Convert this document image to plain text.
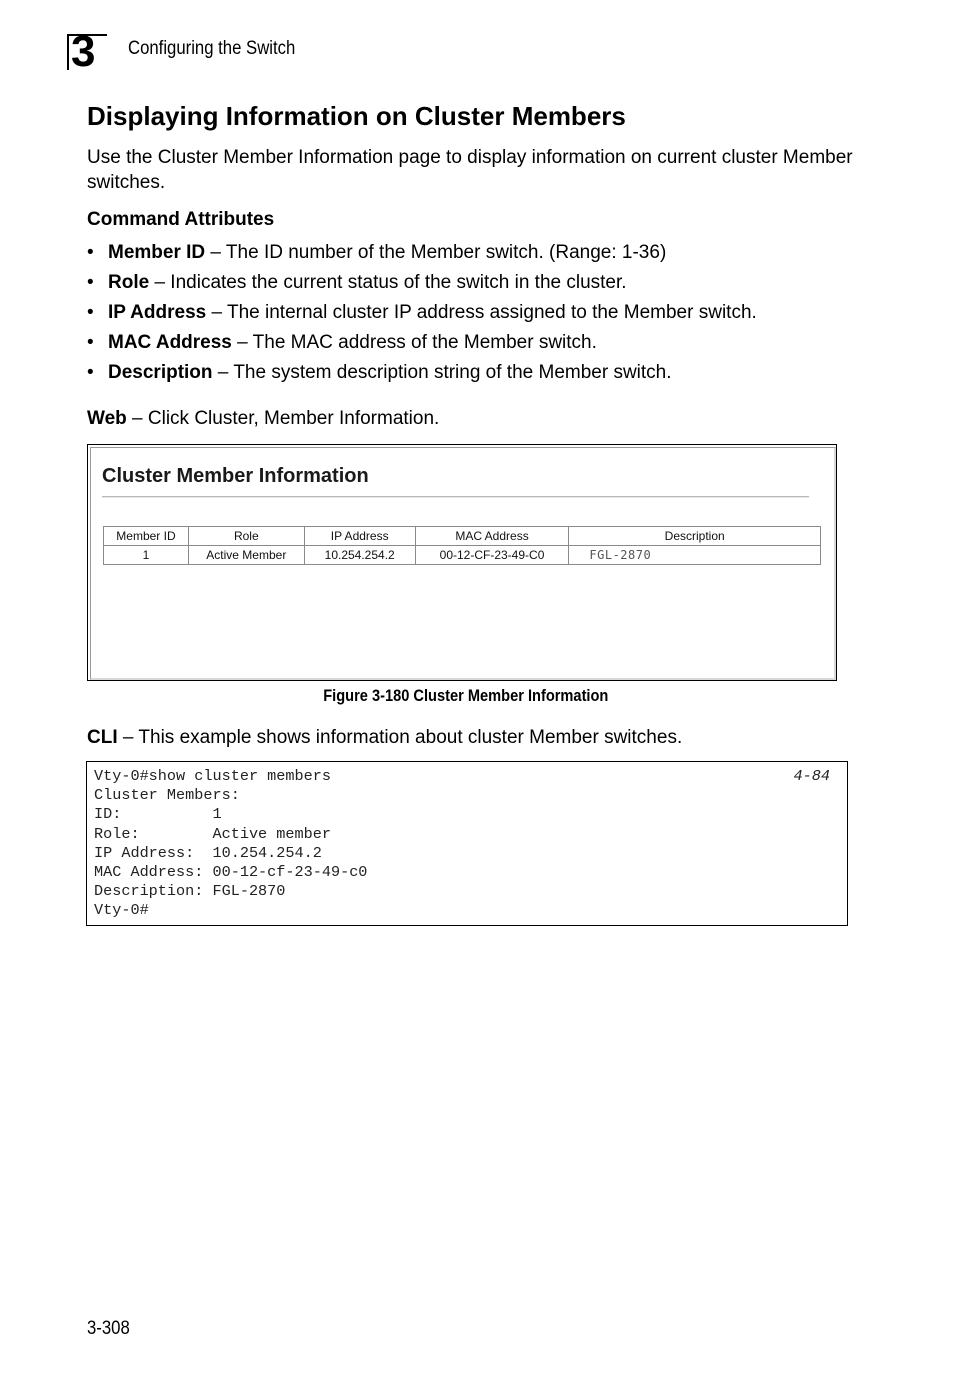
3 Configuring the Switch
Displaying Information on Cluster Members

Use the Cluster Member Information page to display information on current cluster Member switches.

Command Attributes
• Member ID – The ID number of the Member switch. (Range: 1-36)
• Role – Indicates the current status of the switch in the cluster.
• IP Address – The internal cluster IP address assigned to the Member switch.
• MAC Address – The MAC address of the Member switch.
• Description – The system description string of the Member switch.

Web – Click Cluster, Member Information.

Cluster Member Information
Member ID	Role	IP Address	MAC Address	Description
1	Active Member	10.254.254.2	00-12-CF-23-49-C0	FGL-2870
Figure 3-180 Cluster Member Information

CLI – This example shows information about cluster Member switches.

Vty-0#show cluster members
Cluster Members:
ID:          1
Role:        Active member
IP Address:  10.254.254.2
MAC Address: 00-12-cf-23-49-c0
Description: FGL-2870
Vty-0#
4-84
3-308
